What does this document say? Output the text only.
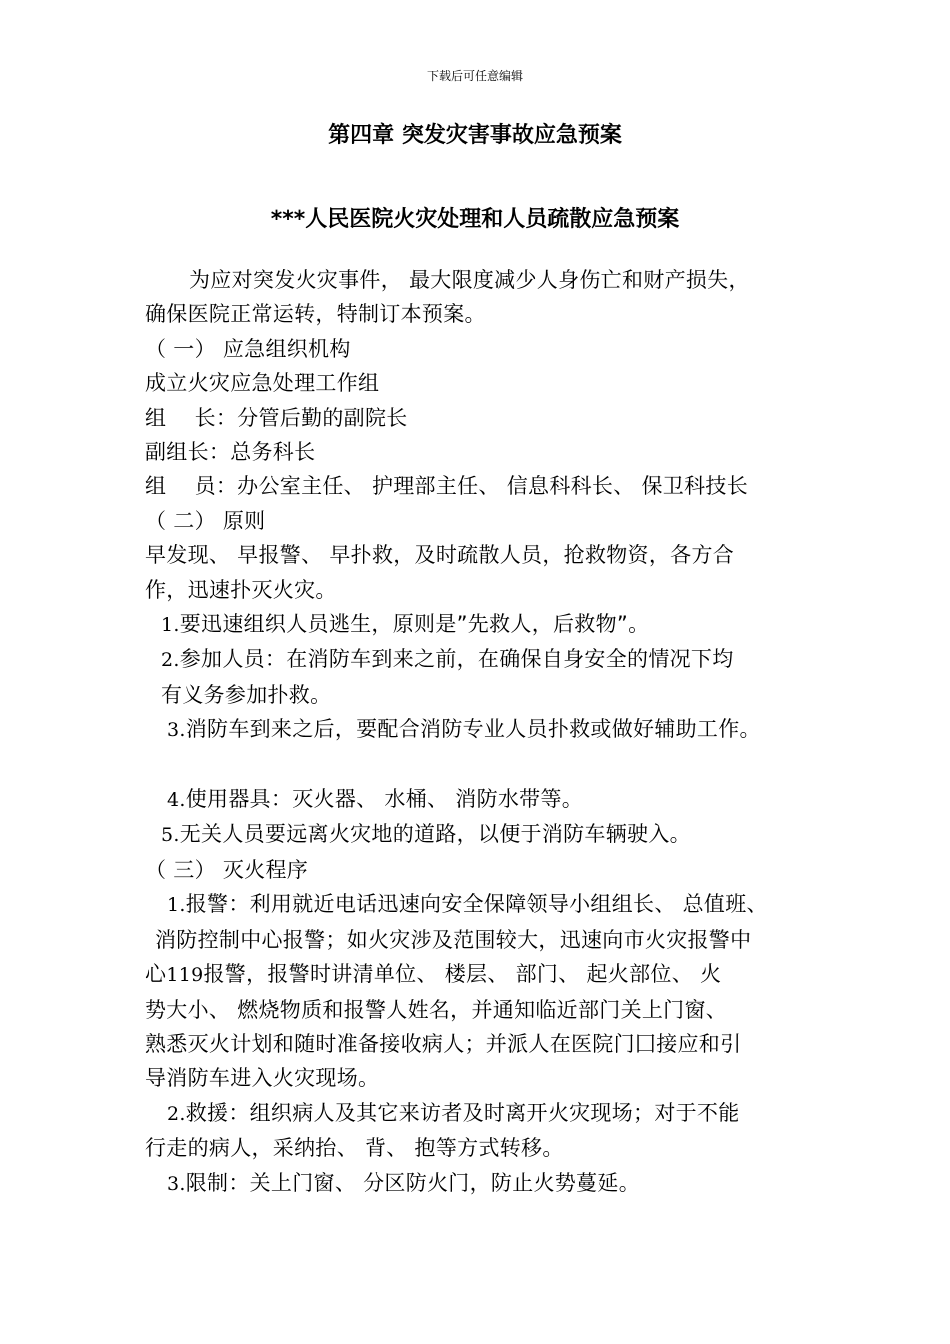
下载后可任意编辑
第四章 突发灾害事故应急预案
***人民医院火灾处理和人员疏散应急预案

为应对突发火灾事件， 最大限度减少人身伤亡和财产损失，

确保医院正常运转，特制订本预案。

（ 一） 应急组织机构

成立火灾应急处理工作组

组　 长：分管后勤的副院长

副组长：总务科长

组　 员：办公室主任、 护理部主任、 信息科科长、 保卫科技长

（ 二） 原则

早发现、 早报警、 早扑救，及时疏散人员，抢救物资，各方合

作，迅速扑灭火灾。

1.要迅速组织人员逃生，原则是”先救人，后救物”。

2.参加人员：在消防车到来之前，在确保自身安全的情况下均

有义务参加扑救。

3.消防车到来之后，要配合消防专业人员扑救或做好辅助工作。

4.使用器具：灭火器、 水桶、 消防水带等。

5.无关人员要远离火灾地的道路，以便于消防车辆驶入。

（ 三） 灭火程序

1.报警：利用就近电话迅速向安全保障领导小组组长、 总值班、

消防控制中心报警；如火灾涉及范围较大，迅速向市火灾报警中

心119报警，报警时讲清单位、 楼层、 部门、 起火部位、 火

势大小、 燃烧物质和报警人姓名，并通知临近部门关上门窗、

熟悉灭火计划和随时准备接收病人；并派人在医院门囗接应和引

导消防车进入火灾现场。

2.救援：组织病人及其它来访者及时离开火灾现场；对于不能

行走的病人，采纳抬、 背、 抱等方式转移。

3.限制：关上门窗、 分区防火门，防止火势蔓延。
